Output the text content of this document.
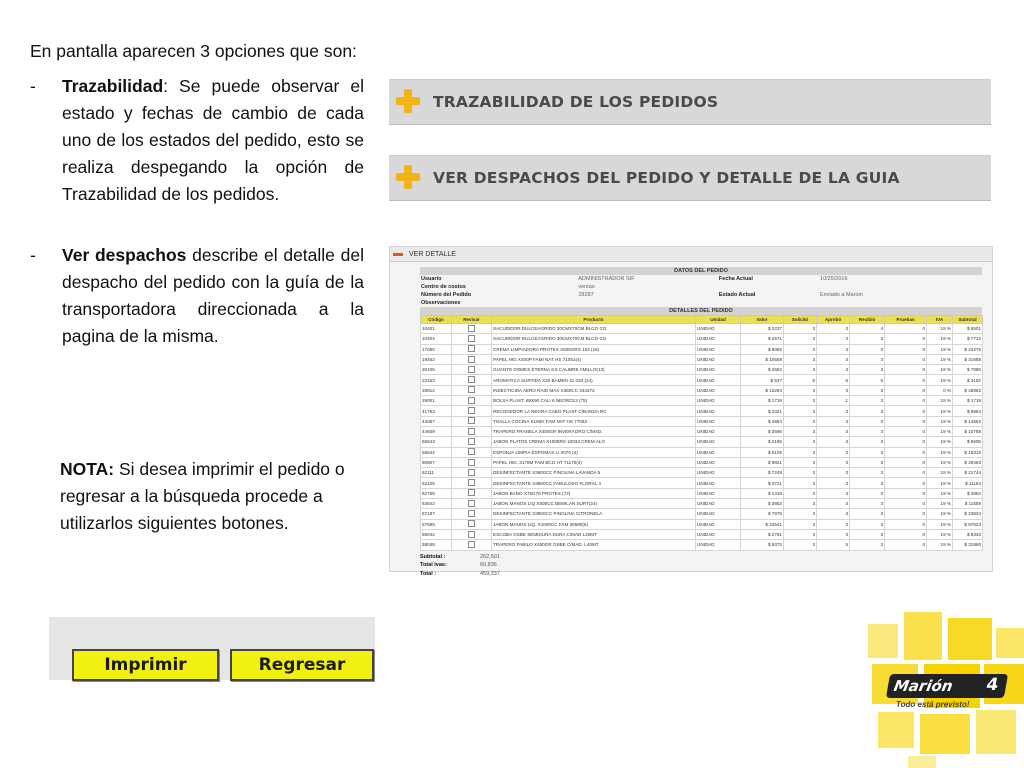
En pantalla aparecen 3 opciones que son:

-	Trazabilidad: Se puede observar el estado y fechas de cambio de cada uno de los estados del pedido, esto se realiza despegando la opción de Trazabilidad de los pedidos.

-	Ver despachos describe el detalle del despacho del pedido con la guía de la transportadora direccionada a la pagina de la misma.

NOTA: Si desea imprimir el pedido o regresar a la búsqueda procede a utilizarlos siguientes botones.

TRAZABILIDAD DE LOS PEDIDOS
VER DESPACHOS DEL PEDIDO Y DETALLE DE LA GUIA
VER DETALLE
DATOS DEL PEDIDO
Usuario	ADMINISTRADOR SIF	Fecha Actual	10/25/2016
Centro de costos	ventas		
Número del Pedido	28287	Estado Actual	Enviado a Marion
Observaciones			
DETALLES DEL PEDIDO
Código	Revisar	Producto	Unidad	Valor	Solicitó	Aprobó	Recibió	Pruebas	IVA	Subtotal
10401		SACUDIDOR DULCEAGRIDO 30CMX70CM BLCO CO	UNIDAD	$ 2237	3	3	4	0	19 %	$ 6501
10404		SACUDIDOR DULCEAGRIDO 30CMX70CM BLCO CO	UNIDAD	$ 2571	3	3	3	0	19 %	$ 7713
17050		CREMA LIMPIADORA PROTEX X500GRS 102 (16)	UNIDAD	$ 8092	3	3	3	0	19 %	$ 24276
19463		PAPEL HIG X400P FAMI NAT HS 71051(4)	UNIDAD	$ 10559	3	3	3	0	19 %	$ 31688
20425		GUANTE DOMES ETERNA 8.5 CALIBRE AMILLO(12)	UNIDAD	$ 2662	3	3	3	0	19 %	$ 7986
23153		AROMATICA SURTIDA X20 BAMEN 31 020 (24)	UNIDAD	$ 537	6	6	6	0	19 %	$ 3152
28912		INSECTICIDA AERO RAID MAX X360CC 344272	UNIDAD	$ 15294	3	3	3	0	0 %	$ 45882
29001		BOLSA PLAST. 65X90 CALI 6 NEGRO12 (75)	UNIDAD	$ 1719	3	1	3	0	19 %	$ 1719
41753		RECOGEDOR LA NEGRA CABO PLAST C/BANDA RC	UNIDAD	$ 2321	3	3	3	0	19 %	$ 6963
44057		TOALLA COCINA X160H FAM NAT HS 77063	UNIDAD	$ 4854	3	3	3	0	19 %	$ 14562
44609		TRAPERO FRANELA X400GR INVERAGRO C/MAD.	UNIDAD	$ 3596	3	3	3	0	19 %	$ 10788
55543		JABON PLATOS CREMA X1000RS 10034 CREM ALO	UNIDAD	$ 2165	3	3	3	0	19 %	$ 6505
55544		ESPONJA LIMPIA ESPOMAX LI 0070 (4)	UNIDAD	$ 5105	3	3	3	0	19 %	$ 15315
60907		PAPEL HIG. 3178M FAM BCO HT 71170(4)	UNIDAD	$ 9821	3	3	3	0	19 %	$ 29463
62111		DESINFECTANTE X3800CC PINOLINA LAVANDA 5	UNIDAD	$ 7249	3	3	3	0	19 %	$ 21744
62426		DESINFECTANTE X3800CC FABULOSO FLORAL 4	UNIDAD	$ 3721	3	3	3	0	19 %	$ 11163
62758		JABON BAÑO X75G76 PROTEX (72)	UNIDAD	$ 1318	3	3	3	0	19 %	$ 3954
63643		JABON MANOS LIQ X500CC BEMILAN SURT(24)	UNIDAD	$ 3853	3	3	3	0	19 %	$ 11559
57187		DESINFECTANTE X3800CC PINOLINA CITRONELA	UNIDAD	$ 7978	3	3	3	0	19 %	$ 23934
57595		JABON MANOS LIQ. X1000CC FAM 36580(6)	UNIDAD	$ 22541	3	3	3	0	19 %	$ 67623
59042		ESCOBA OSBE SEMIDURA DURA C/MAD L40MT	UNIDAD	$ 2781	3	3	3	0	19 %	$ 8343
59048		TRAPERO PABILO X450GR OSBE C/MAD. L40MT	UNIDAD	$ 6372	3	5	3	0	19 %	$ 31860
Subtotal :	262,501
Total ivas:	60,836
Total :	459,337
Imprimir	Regresar
Marión 4
Todo está previsto!
